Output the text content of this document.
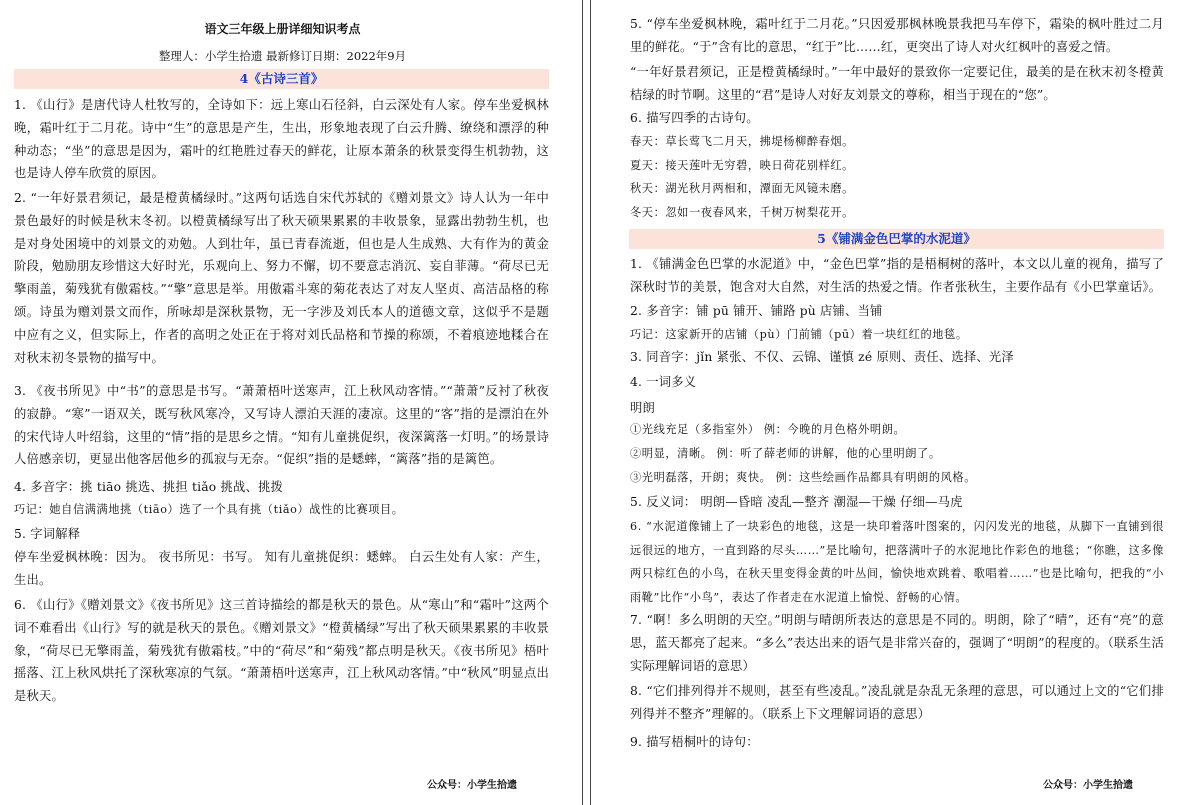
语文三年级上册详细知识考点
整理人：小学生拾遗 最新修订日期：2022年9月
4《古诗三首》
1. 《山行》是唐代诗人杜牧写的，全诗如下：远上寒山石径斜，白云深处有人家。停车坐爱枫林晚，霜叶红于二月花。诗中“生”的意思是产生，生出，形象地表现了白云升腾、缭绕和漂浮的种种动态；“坐”的意思是因为，霜叶的红艳胜过春天的鲜花，让原本萧条的秋景变得生机勃勃，这也是诗人停车欣赏的原因。
2. “一年好景君须记，最是橙黄橘绿时。”这两句话选自宋代苏轼的《赠刘景文》诗人认为一年中景色最好的时候是秋末冬初。以橙黄橘绿写出了秋天硕果累累的丰收景象，显露出勃勃生机，也是对身处困境中的刘景文的劝勉。人到壮年，虽已青春流逝，但也是人生成熟、大有作为的黄金阶段，勉励朋友珍惜这大好时光，乐观向上、努力不懈，切不要意志消沉、妄自菲薄。“荷尽已无擎雨盖，菊残犹有傲霜枝。”“擎”意思是举。用傲霜斗寒的菊花表达了对友人坚贞、高洁品格的称颂。诗虽为赠刘景文而作，所咏却是深秋景物，无一字涉及刘氏本人的道德文章，这似乎不是题中应有之义，但实际上，作者的高明之处正在于将对刘氏品格和节操的称颂，不着痕迹地糅合在对秋末初冬景物的描写中。
3. 《夜书所见》中“书”的意思是书写。“萧萧梧叶送寒声，江上秋风动客情。”“萧萧”反衬了秋夜的寂静。“寒”一语双关，既写秋风寒冷，又写诗人漂泊天涯的凄凉。这里的“客”指的是漂泊在外的宋代诗人叶绍翁，这里的“情”指的是思乡之情。“知有儿童挑促织，夜深篱落一灯明。”的场景诗人倍感亲切，更显出他客居他乡的孤寂与无奈。“促织”指的是蟋蟀，“篱落”指的是篱笆。
4. 多音字：挑 tiāo 挑选、挑担 tiǎo 挑战、挑拨
巧记：她自信满满地挑（tiāo）选了一个具有挑（tiǎo）战性的比赛项目。
5. 字词解释
停车坐爱枫林晚：因为。 夜书所见：书写。 知有儿童挑促织：蟋蟀。 白云生处有人家：产生，生出。
6. 《山行》《赠刘景文》《夜书所见》这三首诗描绘的都是秋天的景色。从“寒山”和“霜叶”这两个词不难看出《山行》写的就是秋天的景色。《赠刘景文》“橙黄橘绿”写出了秋天硕果累累的丰收景象，“荷尽已无擎雨盖，菊残犹有傲霜枝。”中的“荷尽”和“菊残”都点明是秋天。《夜书所见》梧叶摇落、江上秋风烘托了深秋寒凉的气氛。“萧萧梧叶送寒声，江上秋风动客情。”中“秋风”明显点出是秋天。
公众号：小学生拾遗
5. “停车坐爱枫林晚，霜叶红于二月花。”只因爱那枫林晚景我把马车停下，霜染的枫叶胜过二月里的鲜花。“于”含有比的意思，“红于”比……红，更突出了诗人对火红枫叶的喜爱之情。
“一年好景君须记，正是橙黄橘绿时。”一年中最好的景致你一定要记住，最美的是在秋末初冬橙黄桔绿的时节啊。这里的“君”是诗人对好友刘景文的尊称，相当于现在的“您”。
6. 描写四季的古诗句。
春天：草长莺飞二月天，拂堤杨柳醉春烟。
夏天：接天莲叶无穷碧，映日荷花别样红。
秋天：湖光秋月两相和，潭面无风镜未磨。
冬天：忽如一夜春风来，千树万树梨花开。
5《铺满金色巴掌的水泥道》
1. 《铺满金色巴掌的水泥道》中，“金色巴掌”指的是梧桐树的落叶，本文以儿童的视角，描写了深秋时节的美景，饱含对大自然，对生活的热爱之情。作者张秋生，主要作品有《小巴掌童话》。
2. 多音字：铺 pū 铺开、铺路 pù 店铺、当铺
巧记：这家新开的店铺（pù）门前铺（pū）着一块红红的地毯。
3. 同音字：jǐn 紧张、不仅、云锦、谨慎 zé 原则、责任、选择、光泽
4. 一词多义
明朗
①光线充足（多指室外） 例：今晚的月色格外明朗。
②明显，清晰。 例：听了薛老师的讲解，他的心里明朗了。
③光明磊落，开朗；爽快。 例：这些绘画作品都具有明朗的风格。
5. 反义词： 明朗—昏暗 凌乱—整齐 潮湿—干燥 仔细—马虎
6. “水泥道像铺上了一块彩色的地毯，这是一块印着落叶图案的，闪闪发光的地毯，从脚下一直铺到很远很远的地方，一直到路的尽头……”是比喻句，把落满叶子的水泥地比作彩色的地毯；“你瞧，这多像两只棕红色的小鸟，在秋天里变得金黄的叶丛间，愉快地欢跳着、歌唱着……”也是比喻句，把我的“小雨靴”比作“小鸟”，表达了作者走在水泥道上愉悦、舒畅的心情。
7. “啊！多么明朗的天空。”明朗与晴朗所表达的意思是不同的。明朗，除了“晴”，还有“亮”的意思，蓝天都亮了起来。“多么”表达出来的语气是非常兴奋的，强调了“明朗”的程度的。（联系生活实际理解词语的意思）
8. “它们排列得并不规则，甚至有些凌乱。”凌乱就是杂乱无条理的意思，可以通过上文的“它们排列得并不整齐”理解的。（联系上下文理解词语的意思）
9. 描写梧桐叶的诗句：
公众号：小学生拾遗
